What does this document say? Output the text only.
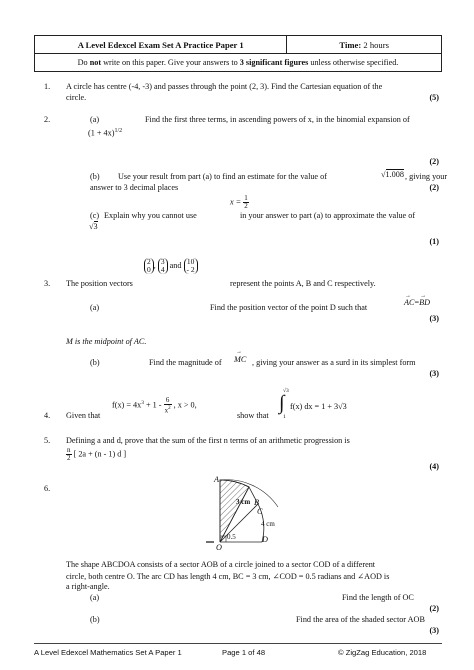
A Level Edexcel Exam Set A Practice Paper 1	Time: 2 hours
Do not write on this paper. Give your answers to 3 significant figures unless otherwise specified.
1. A circle has centre (-4, -3) and passes through the point (2, 3). Find the Cartesian equation of the
circle.	(5)
2.	(a)	Find the first three terms, in ascending powers of x, in the binomial expansion of
$(1 + 4x)^{1/2}$
(2)
(b) Use your result from part (a) to find an estimate for the value of	√1.008 , giving your
answer to 3 decimal places	(2)
$x = \frac{1}{2}$
(c) Explain why you cannot use	in your answer to part (a) to approximate the value of
√3
(1)
3. The position vectors
2
0 , 3
4 and 10
- 2
represent the points A, B and C respectively.
(a)	Find the position vector of the point D such that
→
AC=
→
BD
(3)
M is the midpoint of AC.
(b)	Find the magnitude of
→
MC , giving your answer as a surd in its simplest form
(3)
4. Given that
$f(x) = 4x^3 + 1 - \frac{6}{x^2}$ , x > 0,
show that
√3
∫
1
f(x) dx = 1 + 3√3
5. Defining a and d, prove that the sum of the first n terms of an arithmetic progression is
$\frac{n}{2}$ [ 2a + (n - 1) d ]
(4)
6.
A
B
C
D
O
3 cm
4 cm
0.5
The shape ABCDOA consists of a sector AOB of a circle joined to a sector COD of a different
circle, both centre O. The arc CD has length 4 cm, BC = 3 cm, ∠COD = 0.5 radians and ∠AOD is
a right-angle.
(a)	Find the length of OC
(2)
(b)	Find the area of the shaded sector AOB
(3)
A Level Edexcel Mathematics Set A Paper 1	Page 1 of 48	© ZigZag Education, 2018
